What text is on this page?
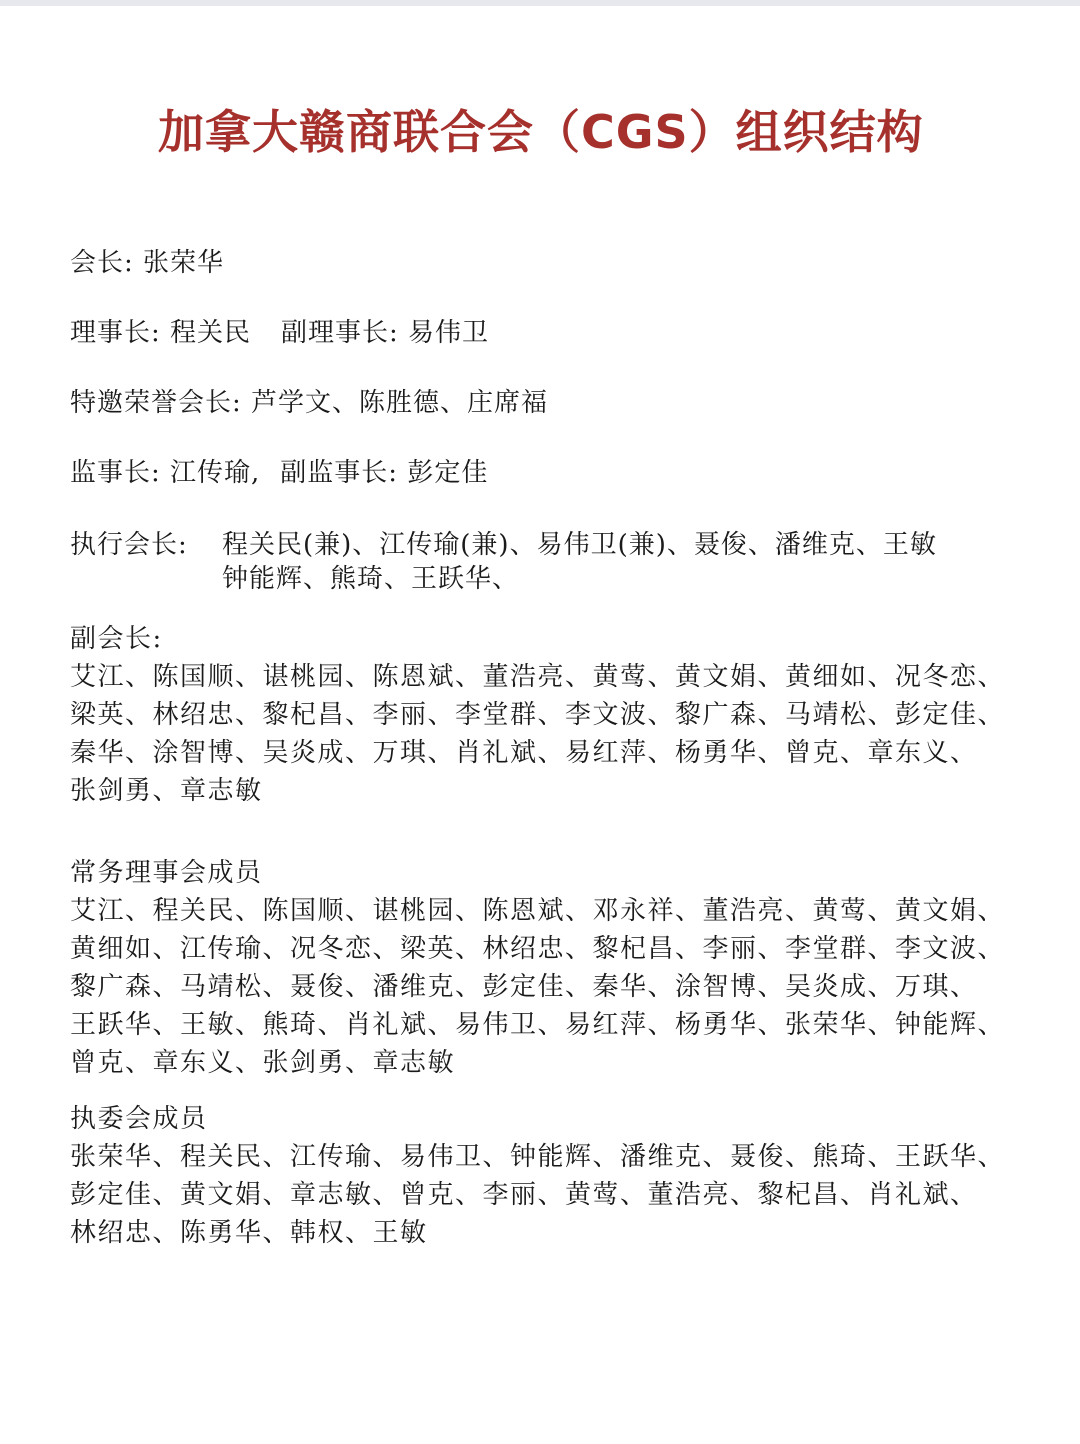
加拿大赣商联合会（CGS）组织结构
会长: 张荣华
理事长: 程关民 副理事长: 易伟卫
特邀荣誉会长: 芦学文、陈胜德、庄席福
监事长: 江传瑜, 副监事长: 彭定佳
执行会长: 程关民(兼)、江传瑜(兼)、易伟卫(兼)、聂俊、潘维克、王敏
钟能辉、熊琦、王跃华、
副会长:
艾江、陈国顺、谌桃园、陈恩斌、董浩亮、黄莺、黄文娟、黄细如、况冬恋、
梁英、林绍忠、黎杞昌、李丽、李堂群、李文波、黎广森、马靖松、彭定佳、
秦华、涂智博、吴炎成、万琪、肖礼斌、易红萍、杨勇华、曾克、章东义、
张剑勇、章志敏
常务理事会成员
艾江、程关民、陈国顺、谌桃园、陈恩斌、邓永祥、董浩亮、黄莺、黄文娟、
黄细如、江传瑜、况冬恋、梁英、林绍忠、黎杞昌、李丽、李堂群、李文波、
黎广森、马靖松、聂俊、潘维克、彭定佳、秦华、涂智博、吴炎成、万琪、
王跃华、王敏、熊琦、肖礼斌、易伟卫、易红萍、杨勇华、张荣华、钟能辉、
曾克、章东义、张剑勇、章志敏
执委会成员
张荣华、程关民、江传瑜、易伟卫、钟能辉、潘维克、聂俊、熊琦、王跃华、
彭定佳、黄文娟、章志敏、曾克、李丽、黄莺、董浩亮、黎杞昌、肖礼斌、
林绍忠、陈勇华、韩权、王敏
